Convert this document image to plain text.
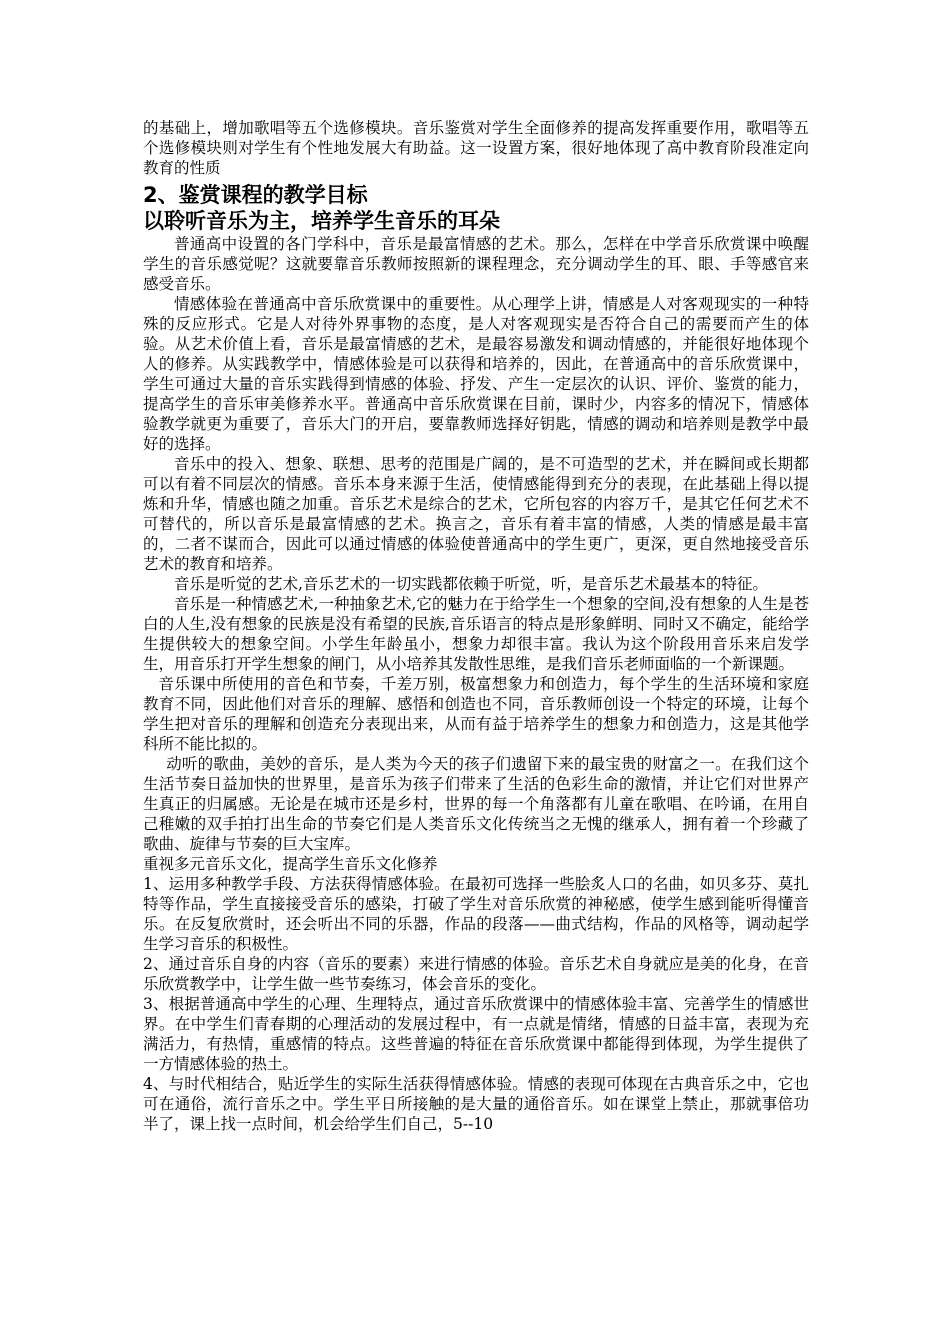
的基础上，增加歌唱等五个选修模块。音乐鉴赏对学生全面修养的提高发挥重要作用，歌唱等五个选修模块则对学生有个性地发展大有助益。这一设置方案，很好地体现了高中教育阶段准定向教育的性质

2、鉴赏课程的教学目标
以聆听音乐为主，培养学生音乐的耳朵

普通高中设置的各门学科中，音乐是最富情感的艺术。那么，怎样在中学音乐欣赏课中唤醒学生的音乐感觉呢？这就要靠音乐教师按照新的课程理念，充分调动学生的耳、眼、手等感官来感受音乐。

情感体验在普通高中音乐欣赏课中的重要性。从心理学上讲，情感是人对客观现实的一种特殊的反应形式。它是人对待外界事物的态度，是人对客观现实是否符合自己的需要而产生的体验。从艺术价值上看，音乐是最富情感的艺术，是最容易激发和调动情感的，并能很好地体现个人的修养。从实践教学中，情感体验是可以获得和培养的，因此，在普通高中的音乐欣赏课中，学生可通过大量的音乐实践得到情感的体验、抒发、产生一定层次的认识、评价、鉴赏的能力，提高学生的音乐审美修养水平。普通高中音乐欣赏课在目前，课时少，内容多的情况下，情感体验教学就更为重要了，音乐大门的开启，要靠教师选择好钥匙，情感的调动和培养则是教学中最好的选择。

音乐中的投入、想象、联想、思考的范围是广阔的，是不可造型的艺术，并在瞬间或长期都可以有着不同层次的情感。音乐本身来源于生活，使情感能得到充分的表现，在此基础上得以提炼和升华，情感也随之加重。音乐艺术是综合的艺术，它所包容的内容万千，是其它任何艺术不可替代的，所以音乐是最富情感的艺术。换言之，音乐有着丰富的情感，人类的情感是最丰富的，二者不谋而合，因此可以通过情感的体验使普通高中的学生更广，更深，更自然地接受音乐艺术的教育和培养。

音乐是听觉的艺术,音乐艺术的一切实践都依赖于听觉，听，是音乐艺术最基本的特征。

音乐是一种情感艺术,一种抽象艺术,它的魅力在于给学生一个想象的空间,没有想象的人生是苍白的人生,没有想象的民族是没有希望的民族,音乐语言的特点是形象鲜明、同时又不确定，能给学生提供较大的想象空间。小学生年龄虽小，想象力却很丰富。我认为这个阶段用音乐来启发学生，用音乐打开学生想象的闸门，从小培养其发散性思维，是我们音乐老师面临的一个新课题。

音乐课中所使用的音色和节奏，千差万别，极富想象力和创造力，每个学生的生活环境和家庭教育不同，因此他们对音乐的理解、感悟和创造也不同，音乐教师创设一个特定的环境，让每个学生把对音乐的理解和创造充分表现出来，从而有益于培养学生的想象力和创造力，这是其他学科所不能比拟的。

动听的歌曲，美妙的音乐，是人类为今天的孩子们遗留下来的最宝贵的财富之一。在我们这个生活节奏日益加快的世界里，是音乐为孩子们带来了生活的色彩生命的激情，并让它们对世界产生真正的归属感。无论是在城市还是乡村，世界的每一个角落都有儿童在歌唱、在吟诵，在用自己稚嫩的双手拍打出生命的节奏它们是人类音乐文化传统当之无愧的继承人，拥有着一个珍藏了歌曲、旋律与节奏的巨大宝库。

重视多元音乐文化，提高学生音乐文化修养

1、运用多种教学手段、方法获得情感体验。在最初可选择一些脍炙人口的名曲，如贝多芬、莫扎特等作品，学生直接接受音乐的感染，打破了学生对音乐欣赏的神秘感，使学生感到能听得懂音乐。在反复欣赏时，还会听出不同的乐器，作品的段落——曲式结构，作品的风格等，调动起学生学习音乐的积极性。

2、通过音乐自身的内容（音乐的要素）来进行情感的体验。音乐艺术自身就应是美的化身，在音乐欣赏教学中，让学生做一些节奏练习，体会音乐的变化。

3、根据普通高中学生的心理、生理特点，通过音乐欣赏课中的情感体验丰富、完善学生的情感世界。在中学生们青春期的心理活动的发展过程中，有一点就是情绪，情感的日益丰富，表现为充满活力，有热情，重感情的特点。这些普遍的特征在音乐欣赏课中都能得到体现，为学生提供了一方情感体验的热土。

4、与时代相结合，贴近学生的实际生活获得情感体验。情感的表现可体现在古典音乐之中，它也可在通俗，流行音乐之中。学生平日所接触的是大量的通俗音乐。如在课堂上禁止，那就事倍功半了，课上找一点时间，机会给学生们自己，5--10
